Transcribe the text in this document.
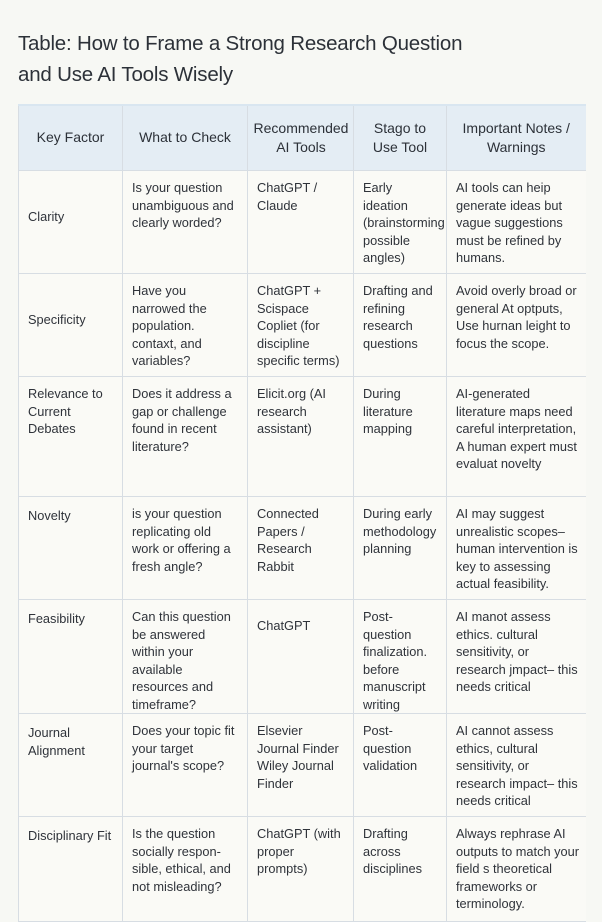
Table: How to Frame a Strong Research Question
and Use AI Tools Wisely
Key Factor	What to Check	Recommended AI Tools	Stago to Use Tool	Important Notes / Warnings

Clarity	Is your question unambiguous and clearly worded?	ChatGPT / Claude	Early ideation (brainstorming possible angles)	AI tools can heip generate ideas but vague suggestions must be refined by humans.

Specificity	Have you narrowed the population. contaxt, and variables?	ChatGPT + Scispace Copliet (for discipline specific terms)	Drafting and refining research questions	Avoid overly broad or general At optputs, Use hurnan leight to focus the scope.
Relevance to Current Debates	Does it address a gap or challenge found in recent literature?	Elicit.org (AI research assistant)	During literature mapping	AI-generated literature maps need careful interpretation, A human expert must evaluat novelty
Novelty	is your question replicating old work or offering a fresh angle?	Connected Papers / Research Rabbit	During early methodology planning	AI may suggest unrealistic scopes– human intervention is key to assessing actual feasibility.
Feasibility	Can this question be answered within your available resources and timeframe?	ChatGPT	Post-question finalization. before manuscript writing	AI manot assess ethics. cultural sensitivity, or research jmpact– this needs critical
Journal Alignment	Does your topic fit your target journal's scope?	Elsevier Journal Finder Wiley Journal Finder	Post-question validation	AI cannot assess ethics, cultural sensitivity, or research impact– this needs critical
Disciplinary Fit	Is the question socially respon-sible, ethical, and not misleading?	ChatGPT (with proper prompts)	Drafting across disciplines	Always rephrase AI outputs to match your field s theoretical frameworks or terminology.
